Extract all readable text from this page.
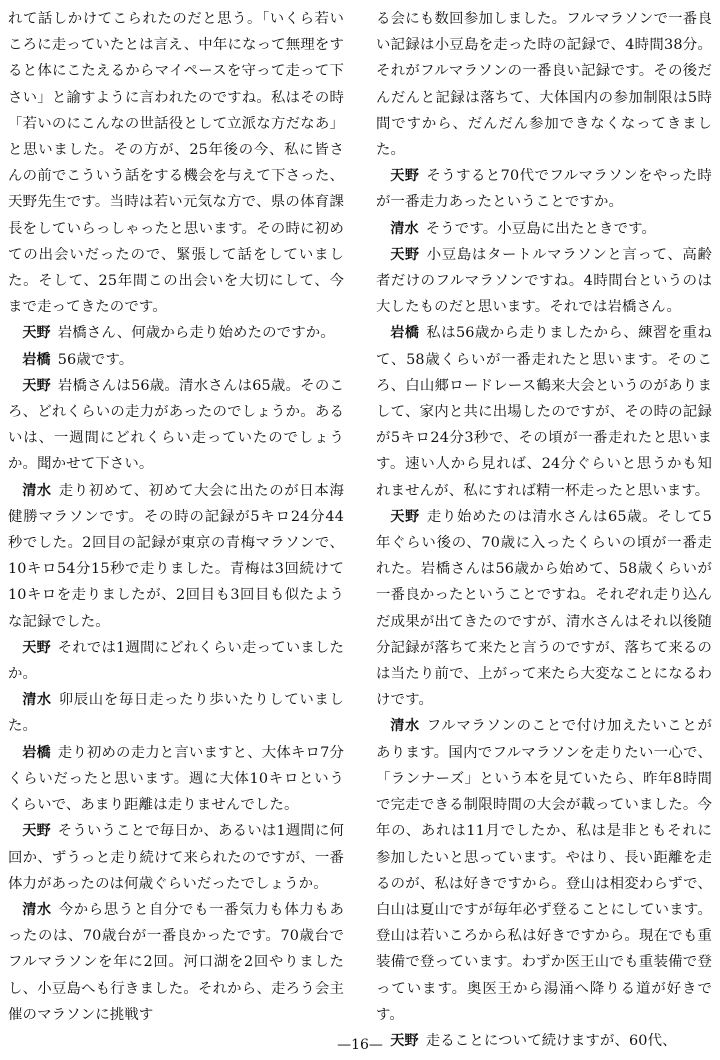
れて話しかけてこられたのだと思う。「いくら若いころに走っていたとは言え、中年になって無理をすると体にこたえるからマイペースを守って走って下さい」と諭すように言われたのですね。私はその時「若いのにこんなの世話役として立派な方だなあ」と思いました。その方が、25年後の今、私に皆さんの前でこういう話をする機会を与えて下さった、天野先生です。当時は若い元気な方で、県の体育課長をしていらっしゃったと思います。その時に初めての出会いだったので、緊張して話をしていました。そして、25年間この出会いを大切にして、今まで走ってきたのです。

天野 岩橋さん、何歳から走り始めたのですか。

岩橋 56歳です。

天野 岩橋さんは56歳。清水さんは65歳。そのころ、どれくらいの走力があったのでしょうか。あるいは、一週間にどれくらい走っていたのでしょうか。聞かせて下さい。

清水 走り初めて、初めて大会に出たのが日本海健勝マラソンです。その時の記録が5キロ24分44秒でした。2回目の記録が東京の青梅マラソンで、10キロ54分15秒で走りました。青梅は3回続けて10キロを走りましたが、2回目も3回目も似たような記録でした。

天野 それでは1週間にどれくらい走っていましたか。

清水 卯辰山を毎日走ったり歩いたりしていました。

岩橋 走り初めの走力と言いますと、大体キロ7分くらいだったと思います。週に大体10キロというくらいで、あまり距離は走りませんでした。

天野 そういうことで毎日か、あるいは1週間に何回か、ずうっと走り続けて来られたのですが、一番体力があったのは何歳ぐらいだったでしょうか。

清水 今から思うと自分でも一番気力も体力もあったのは、70歳台が一番良かったです。70歳台でフルマラソンを年に2回。河口湖を2回やりましたし、小豆島へも行きました。それから、走ろう会主催のマラソンに挑戦す

る会にも数回参加しました。フルマラソンで一番良い記録は小豆島を走った時の記録で、4時間38分。それがフルマラソンの一番良い記録です。その後だんだんと記録は落ちて、大体国内の参加制限は5時間ですから、だんだん参加できなくなってきました。

天野 そうすると70代でフルマラソンをやった時が一番走力あったということですか。

清水 そうです。小豆島に出たときです。

天野 小豆島はタートルマラソンと言って、高齢者だけのフルマラソンですね。4時間台というのは大したものだと思います。それでは岩橋さん。

岩橋 私は56歳から走りましたから、練習を重ねて、58歳くらいが一番走れたと思います。そのころ、白山郷ロードレース鶴来大会というのがありまして、家内と共に出場したのですが、その時の記録が5キロ24分3秒で、その頃が一番走れたと思います。速い人から見れば、24分ぐらいと思うかも知れませんが、私にすれば精一杯走ったと思います。

天野 走り始めたのは清水さんは65歳。そして5年ぐらい後の、70歳に入ったくらいの頃が一番走れた。岩橋さんは56歳から始めて、58歳くらいが一番良かったということですね。それぞれ走り込んだ成果が出てきたのですが、清水さんはそれ以後随分記録が落ちて来たと言うのですが、落ちて来るのは当たり前で、上がって来たら大変なことになるわけです。

清水 フルマラソンのことで付け加えたいことがあります。国内でフルマラソンを走りたい一心で、「ランナーズ」という本を見ていたら、昨年8時間で完走できる制限時間の大会が載っていました。今年の、あれは11月でしたか、私は是非ともそれに参加したいと思っています。やはり、長い距離を走るのが、私は好きですから。登山は相変わらずで、白山は夏山ですが毎年必ず登ることにしています。登山は若いころから私は好きですから。現在でも重装備で登っています。わずか医王山でも重装備で登っています。奥医王から湯涌へ降りる道が好きです。

天野 走ることについて続けますが、60代、

—16—
